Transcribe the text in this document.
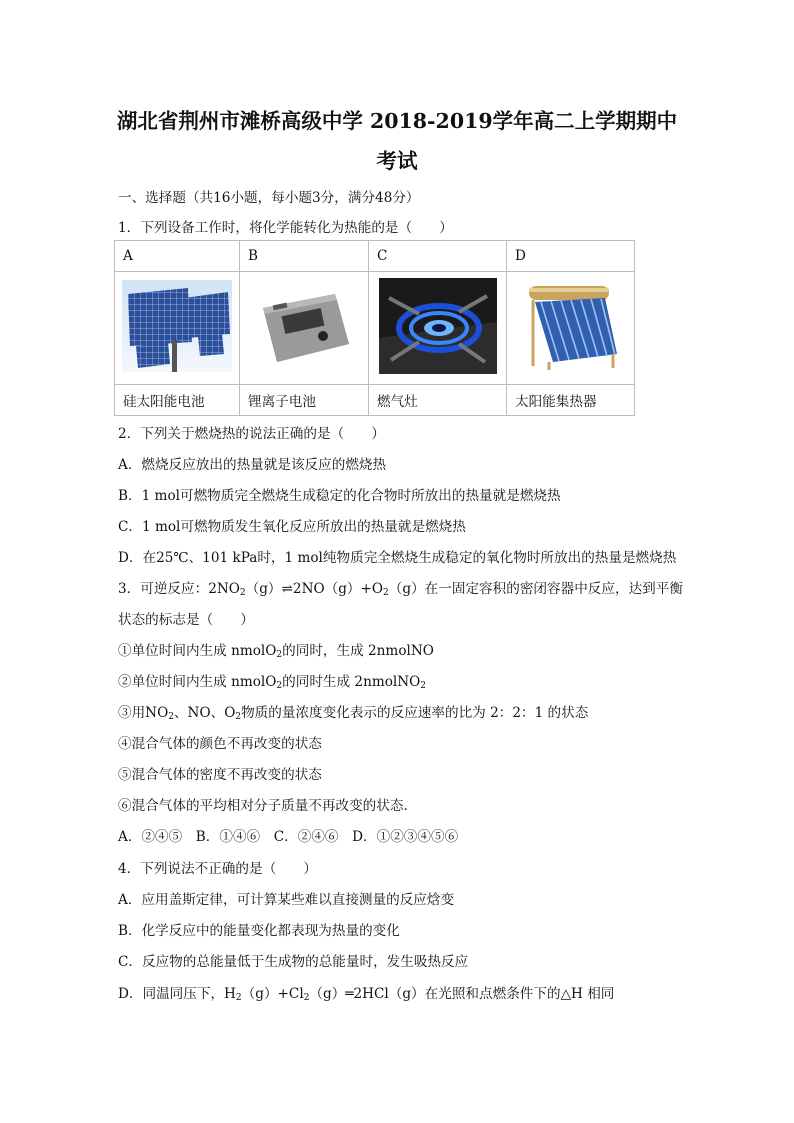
湖北省荆州市滩桥高级中学 2018-2019学年高二上学期期中
考试
一、选择题（共16小题，每小题3分，满分48分）
1．下列设备工作时，将化学能转化为热能的是（　　）
A	B	C	D

硅太阳能电池	锂离子电池	燃气灶	太阳能集热器
2．下列关于燃烧热的说法正确的是（　　）
A．燃烧反应放出的热量就是该反应的燃烧热
B．1 mol可燃物质完全燃烧生成稳定的化合物时所放出的热量就是燃烧热
C．1 mol可燃物质发生氧化反应所放出的热量就是燃烧热
D．在25℃、101 kPa时，1 mol纯物质完全燃烧生成稳定的氧化物时所放出的热量是燃烧热
3．可逆反应：$2NO_2(g)\rightleftharpoons 2NO(g)+O_2(g)$在一固定容积的密闭容器中反应，达到平衡
状态的标志是（　　）
①单位时间内生成 nmolO$_2$的同时，生成 2nmolNO
②单位时间内生成 nmolO$_2$的同时生成 2nmolNO$_2$
③用$NO_2$、NO、$O_2$物质的量浓度变化表示的反应速率的比为 2：2：1 的状态
④混合气体的颜色不再改变的状态
⑤混合气体的密度不再改变的状态
⑥混合气体的平均相对分子质量不再改变的状态．
A．②④⑤　B．①④⑥　C．②④⑥　D．①②③④⑤⑥
4．下列说法不正确的是（　　）
A．应用盖斯定律，可计算某些难以直接测量的反应焓变
B．化学反应中的能量变化都表现为热量的变化
C．反应物的总能量低于生成物的总能量时，发生吸热反应
D．同温同压下，$H_2(g)+Cl_2(g)═2HCl(g)$在光照和点燃条件下的△H 相同
